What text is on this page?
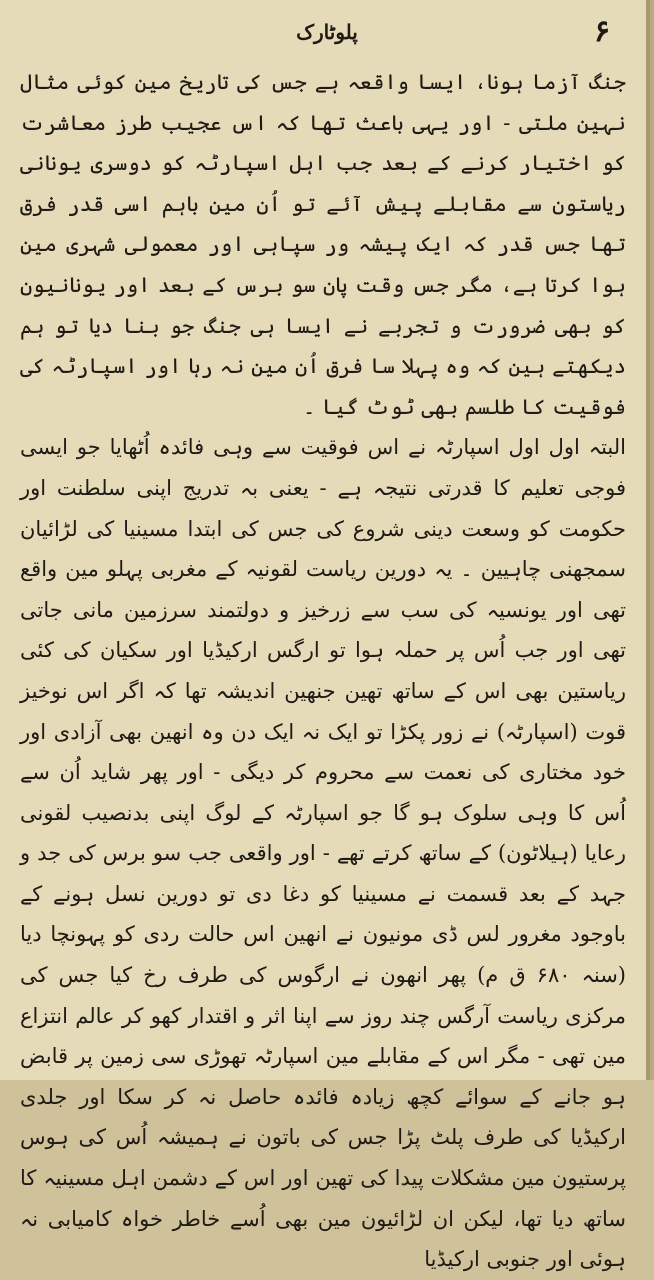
پلوٹارک	۶

جنگ آزما ہونا، ایسا واقعہ ہے جس کی تاریخ مین کوئی مثال نہین ملتی - اور یہی باعث تھا کہ اس عجیب طرز معاشرت کو اختیار کرنے کے بعد جب اہل اسپارٹہ کو دوسری یونانی ریاستون سے مقابلے پیش آئے تو اُن مین باہم اسی قدر فرق تھا جس قدر کہ ایک پیشہ ور سپاہی اور معمولی شہری مین ہوا کرتا ہے، مگر جس وقت پان سو برس کے بعد اور یونانیون کو بھی ضرورت و تجربے نے ایسا ہی جنگ جو بنا دیا تو ہم دیکھتے ہین کہ وہ پہلا سا فرق اُن مین نہ رہا اور اسپارٹہ کی فوقیت کا طلسم بھی ٹوٹ گیا ۔

البتہ اول اول اسپارٹہ نے اس فوقیت سے وہی فائدہ اُٹھایا جو ایسی فوجی تعلیم کا قدرتی نتیجہ ہے - یعنی بہ تدریج اپنی سلطنت اور حکومت کو وسعت دینی شروع کی جس کی ابتدا مسینیا کی لڑائیان سمجھنی چاہیین ۔ یہ دورین ریاست لقونیہ کے مغربی پہلو مین واقع تھی اور یونسیہ کی سب سے زرخیز و دولتمند سرزمین مانی جاتی تھی اور جب اُس پر حملہ ہوا تو ارگس ارکیڈیا اور سکیان کی کئی ریاستین بھی اس کے ساتھ تھین جنھین اندیشہ تھا کہ اگر اس نوخیز قوت (اسپارٹہ) نے زور پکڑا تو ایک نہ ایک دن وہ انھین بھی آزادی اور خود مختاری کی نعمت سے محروم کر دیگی - اور پھر شاید اُن سے اُس کا وہی سلوک ہو گا جو اسپارٹہ کے لوگ اپنی بدنصیب لقونی رعایا (ہیلاٹون) کے ساتھ کرتے تھے - اور واقعی جب سو برس کی جد و جہد کے بعد قسمت نے مسینیا کو دغا دی تو دورین نسل ہونے کے باوجود مغرور لس ڈی مونیون نے انھین اس حالت ردی کو پہونچا دیا (سنہ ۶۸۰ ق م) پھر انھون نے ارگوس کی طرف رخ کیا جس کی مرکزی ریاست آرگس چند روز سے اپنا اثر و اقتدار کھو کر عالم انتزاع مین تھی - مگر اس کے مقابلے مین اسپارٹہ تھوڑی سی زمین پر قابض ہو جانے کے سوائے کچھ زیادہ فائدہ حاصل نہ کر سکا اور جلدی ارکیڈیا کی طرف پلٹ پڑا جس کی باتون نے ہمیشہ اُس کی ہوس پرستیون مین مشکلات پیدا کی تھین اور اس کے دشمن اہل مسینیہ کا ساتھ دیا تھا، لیکن ان لڑائیون مین بھی اُسے خاطر خواہ کامیابی نہ ہوئی اور جنوبی ارکیڈیا
